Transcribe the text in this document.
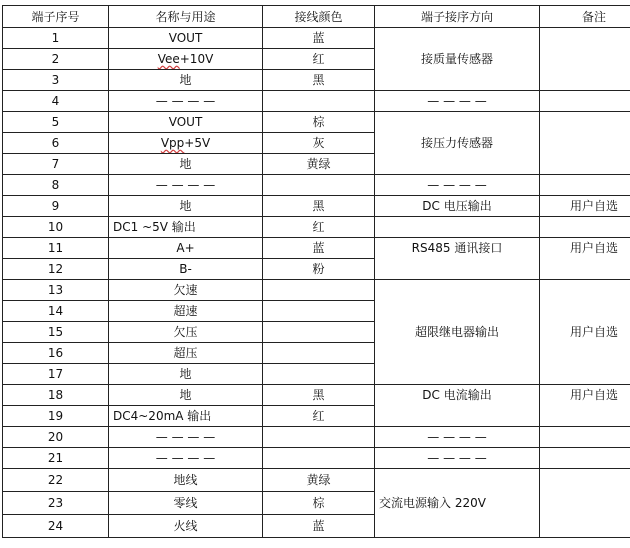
端子序号	名称与用途	接线颜色	端子接序方向	备注
1	VOUT	蓝	接质量传感器	
2	Vee+10V	红		
3	地	黑		
4	— — — —		— — — —	
5	VOUT	棕	接压力传感器	
6	Vpp+5V	灰		
7	地	黄绿		
8	— — — —		— — — —	
9	地	黑	DC 电压输出	用户自选
10	DC1 ~5V 输出	红		
11	A+	蓝	RS485 通讯接口	用户自选
12	B-	粉		
13	欠速		超限继电器输出	用户自选
14	超速			
15	欠压			
16	超压			
17	地			
18	地	黑	DC 电流输出	用户自选
19	DC4~20mA 输出	红		
20	— — — —		— — — —	
21	— — — —		— — — —	
22	地线	黄绿	交流电源输入 220V	
23	零线	棕		
24	火线	蓝		
